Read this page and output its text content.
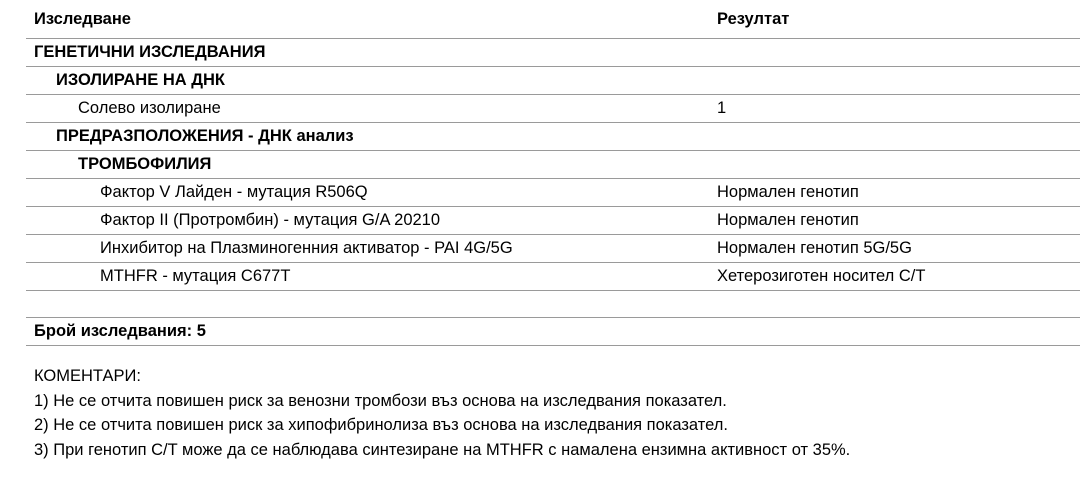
Изследване	Резултат
ГЕНЕТИЧНИ ИЗСЛЕДВАНИЯ
ИЗОЛИРАНЕ НА ДНК
Солево изолиране	1
ПРЕДРАЗПОЛОЖЕНИЯ - ДНК анализ
ТРОМБОФИЛИЯ
Фактор V Лайден - мутация R506Q	Нормален генотип
Фактор II (Протромбин) - мутация G/A 20210	Нормален генотип
Инхибитор на Плазминогенния активатор - PAI 4G/5G	Нормален генотип 5G/5G
MTHFR - мутация C677T	Хетерозиготен носител C/T
Брой изследвания: 5
КОМЕНТАРИ:
1) Не се отчита повишен риск за венозни тромбози въз основа на изследвания показател.
2) Не се отчита повишен риск за хипофибринолиза въз основа на изследвания показател.
3) При генотип C/T може да се наблюдава синтезиране на MTHFR с намалена ензимна активност от 35%.
